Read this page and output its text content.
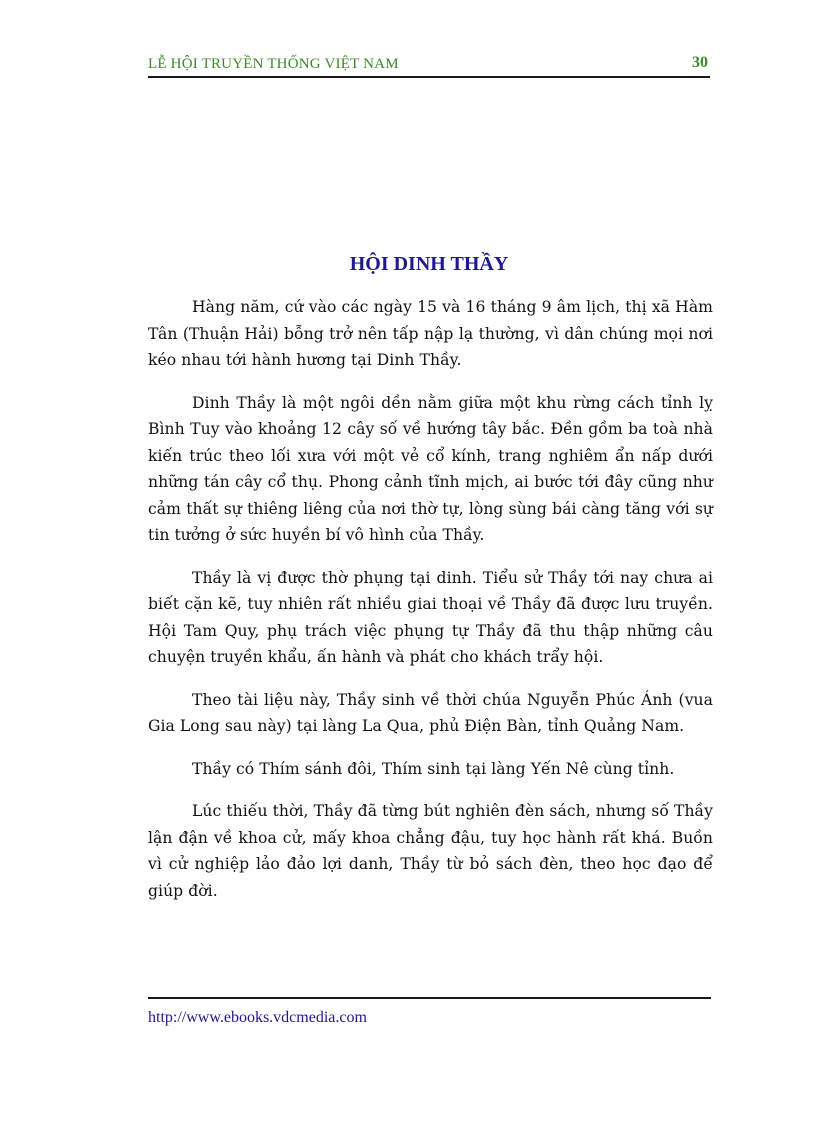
LỄ HỘI TRUYỀN THỐNG VIỆT NAM	30
HỘI DINH THẦY

Hàng năm, cứ vào các ngày 15 và 16 tháng 9 âm lịch, thị xã Hàm Tân (Thuận Hải) bỗng trở nên tấp nập lạ thường, vì dân chúng mọi nơi kéo nhau tới hành hương tại Dinh Thầy.

Dinh Thầy là một ngôi dền nằm giữa một khu rừng cách tỉnh lỵ Bình Tuy vào khoảng 12 cây số về hướng tây bắc. Đền gồm ba toà nhà kiến trúc theo lối xưa với một vẻ cổ kính, trang nghiêm ẩn nấp dưới những tán cây cổ thụ. Phong cảnh tĩnh mịch, ai bước tới đây cũng như cảm thất sự thiêng liêng của nơi thờ tự, lòng sùng bái càng tăng với sự tin tưởng ở sức huyền bí vô hình của Thầy.

Thầy là vị được thờ phụng tại dinh. Tiểu sử Thầy tới nay chưa ai biết cặn kẽ, tuy nhiên rất nhiều giai thoại về Thầy đã được lưu truyền. Hội Tam Quy, phụ trách việc phụng tự Thầy đã thu thập những câu chuyện truyền khẩu, ấn hành và phát cho khách trẩy hội.

Theo tài liệu này, Thầy sinh về thời chúa Nguyễn Phúc Ánh (vua Gia Long sau này) tại làng La Qua, phủ Điện Bàn, tỉnh Quảng Nam.

Thầy có Thím sánh đôi, Thím sinh tại làng Yến Nê cùng tỉnh.

Lúc thiếu thời, Thầy đã từng bút nghiên đèn sách, nhưng số Thầy lận đận về khoa cử, mấy khoa chẳng đậu, tuy học hành rất khá. Buồn vì cử nghiệp lảo đảo lợi danh, Thầy từ bỏ sách đèn, theo học đạo để giúp đời.

http://www.ebooks.vdcmedia.com
